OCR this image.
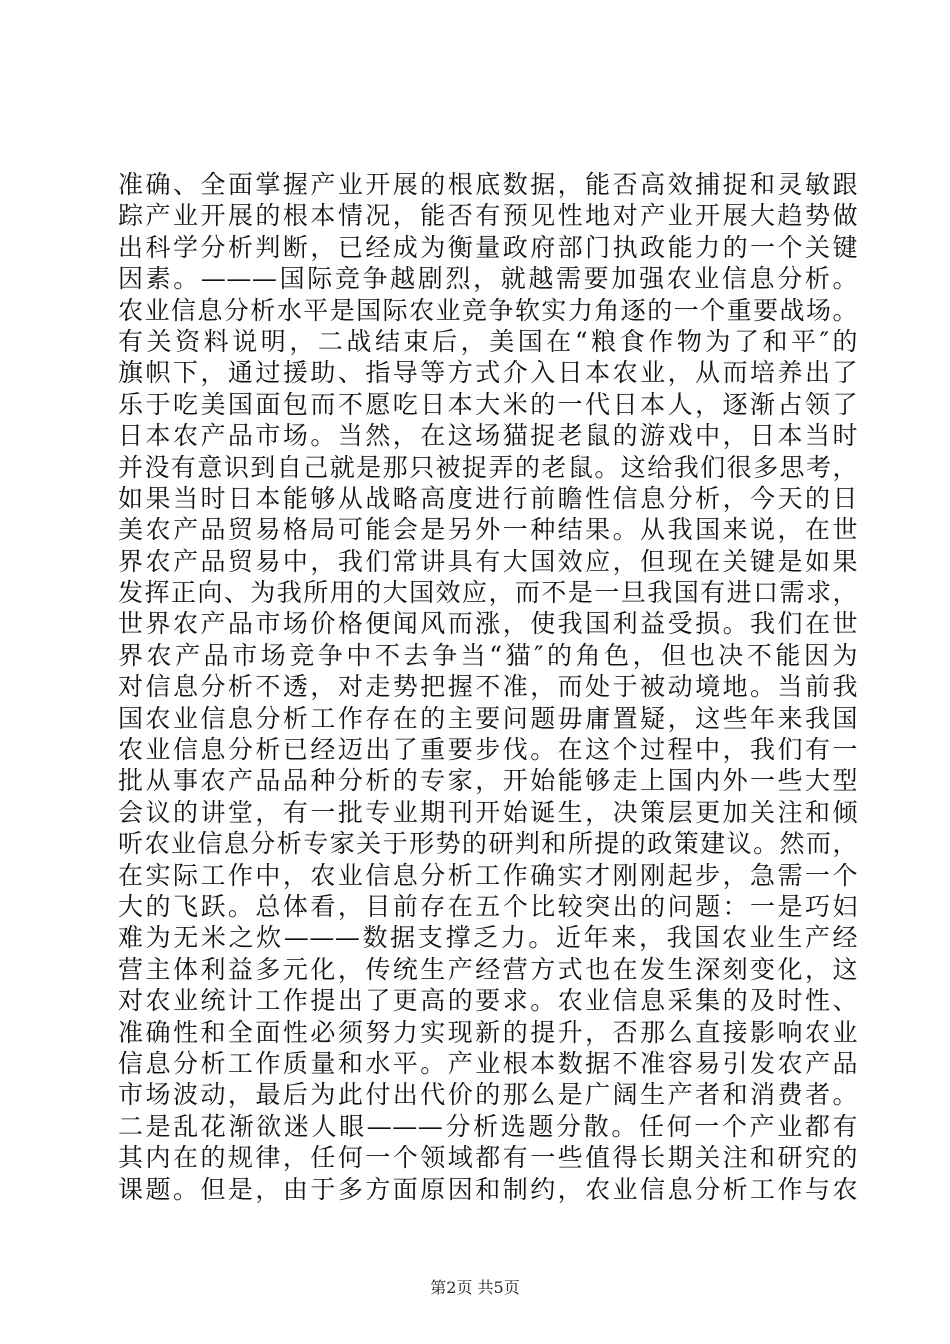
准确、全面掌握产业开展的根底数据，能否高效捕捉和灵敏跟
踪产业开展的根本情况，能否有预见性地对产业开展大趋势做
出科学分析判断，已经成为衡量政府部门执政能力的一个关键
因素。———国际竞争越剧烈，就越需要加强农业信息分析。
农业信息分析水平是国际农业竞争软实力角逐的一个重要战场。
有关资料说明，二战结束后，美国在“粮食作物为了和平″的
旗帜下，通过援助、指导等方式介入日本农业，从而培养出了
乐于吃美国面包而不愿吃日本大米的一代日本人，逐渐占领了
日本农产品市场。当然，在这场猫捉老鼠的游戏中，日本当时
并没有意识到自己就是那只被捉弄的老鼠。这给我们很多思考，
如果当时日本能够从战略高度进行前瞻性信息分析，今天的日
美农产品贸易格局可能会是另外一种结果。从我国来说，在世
界农产品贸易中，我们常讲具有大国效应，但现在关键是如果
发挥正向、为我所用的大国效应，而不是一旦我国有进口需求，
世界农产品市场价格便闻风而涨，使我国利益受损。我们在世
界农产品市场竞争中不去争当“猫″的角色，但也决不能因为
对信息分析不透，对走势把握不准，而处于被动境地。当前我
国农业信息分析工作存在的主要问题毋庸置疑，这些年来我国
农业信息分析已经迈出了重要步伐。在这个过程中，我们有一
批从事农产品品种分析的专家，开始能够走上国内外一些大型
会议的讲堂，有一批专业期刊开始诞生，决策层更加关注和倾
听农业信息分析专家关于形势的研判和所提的政策建议。然而，
在实际工作中，农业信息分析工作确实才刚刚起步，急需一个
大的飞跃。总体看，目前存在五个比较突出的问题：一是巧妇
难为无米之炊———数据支撑乏力。近年来，我国农业生产经
营主体利益多元化，传统生产经营方式也在发生深刻变化，这
对农业统计工作提出了更高的要求。农业信息采集的及时性、
准确性和全面性必须努力实现新的提升，否那么直接影响农业
信息分析工作质量和水平。产业根本数据不准容易引发农产品
市场波动，最后为此付出代价的那么是广阔生产者和消费者。
二是乱花渐欲迷人眼———分析选题分散。任何一个产业都有
其内在的规律，任何一个领域都有一些值得长期关注和研究的
课题。但是，由于多方面原因和制约，农业信息分析工作与农
第2页 共5页
